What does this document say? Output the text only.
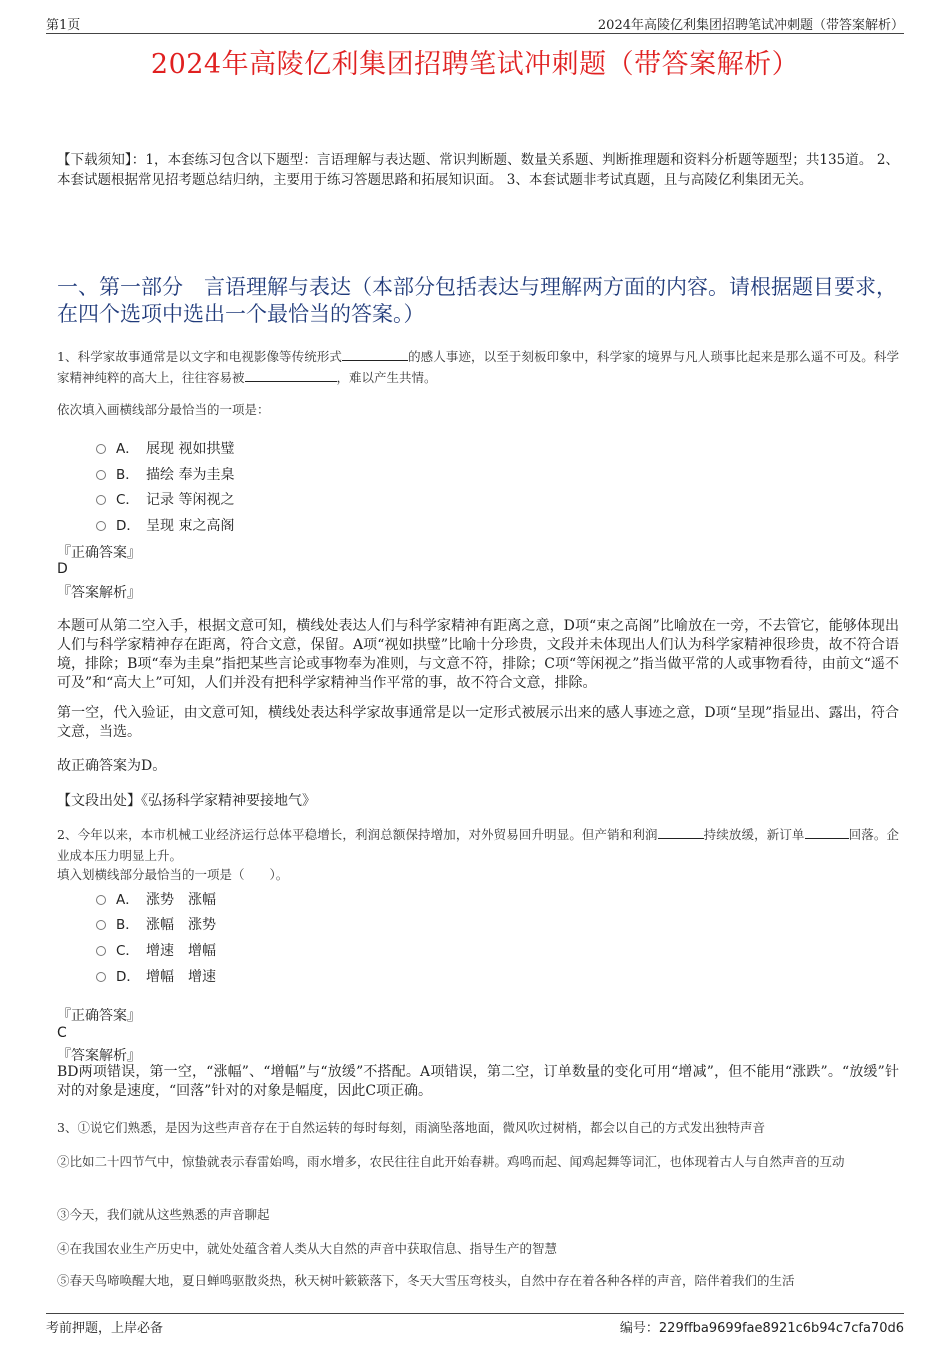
第1页	2024年高陵亿利集团招聘笔试冲刺题（带答案解析）
2024年高陵亿利集团招聘笔试冲刺题（带答案解析）
【下载须知】：1，本套练习包含以下题型：言语理解与表达题、常识判断题、数量关系题、判断推理题和资料分析题等题型；共135道。 2、本套试题根据常见招考题总结归纳，主要用于练习答题思路和拓展知识面。 3、本套试题非考试真题，且与高陵亿利集团无关。
一、第一部分　言语理解与表达（本部分包括表达与理解两方面的内容。请根据题目要求，在四个选项中选出一个最恰当的答案。）
1、科学家故事通常是以文字和电视影像等传统形式	的感人事迹，以至于刻板印象中，科学家的境界与凡人琐事比起来是那么遥不可及。科学家精神纯粹的高大上，往往容易被	，难以产生共情。
依次填入画横线部分最恰当的一项是：
A． 展现 视如拱璧
B． 描绘 奉为圭臬
C． 记录 等闲视之
D． 呈现 束之高阁
『正确答案』
D
『答案解析』
本题可从第二空入手，根据文意可知，横线处表达人们与科学家精神有距离之意，D项“束之高阁”比喻放在一旁，不去管它，能够体现出人们与科学家精神存在距离，符合文意，保留。A项“视如拱璧”比喻十分珍贵，文段并未体现出人们认为科学家精神很珍贵，故不符合语境，排除；B项“奉为圭臬”指把某些言论或事物奉为准则，与文意不符，排除；C项“等闲视之”指当做平常的人或事物看待，由前文“遥不可及”和“高大上”可知，人们并没有把科学家精神当作平常的事，故不符合文意，排除。
第一空，代入验证，由文意可知，横线处表达科学家故事通常是以一定形式被展示出来的感人事迹之意，D项“呈现”指显出、露出，符合文意，当选。
故正确答案为D。
【文段出处】《弘扬科学家精神要接地气》
2、今年以来，本市机械工业经济运行总体平稳增长，利润总额保持增加，对外贸易回升明显。但产销和利润	持续放缓，新订单	回落。企业成本压力明显上升。
填入划横线部分最恰当的一项是（　　）。
A． 涨势　涨幅
B． 涨幅　涨势
C． 增速　增幅
D． 增幅　增速
『正确答案』
C
『答案解析』
BD两项错误，第一空，“涨幅”、“增幅”与“放缓”不搭配。A项错误，第二空，订单数量的变化可用“增减”，但不能用“涨跌”。“放缓”针对的对象是速度，“回落”针对的对象是幅度，因此C项正确。
3、①说它们熟悉，是因为这些声音存在于自然运转的每时每刻，雨滴坠落地面，微风吹过树梢，都会以自己的方式发出独特声音
②比如二十四节气中，惊蛰就表示春雷始鸣，雨水增多，农民往往自此开始春耕。鸡鸣而起、闻鸡起舞等词汇，也体现着古人与自然声音的互动
③今天，我们就从这些熟悉的声音聊起
④在我国农业生产历史中，就处处蕴含着人类从大自然的声音中获取信息、指导生产的智慧
⑤春天鸟啼唤醒大地，夏日蝉鸣驱散炎热，秋天树叶簌簌落下，冬天大雪压弯枝头，自然中存在着各种各样的声音，陪伴着我们的生活
考前押题，上岸必备	编号：229ffba9699fae8921c6b94c7cfa70d6
